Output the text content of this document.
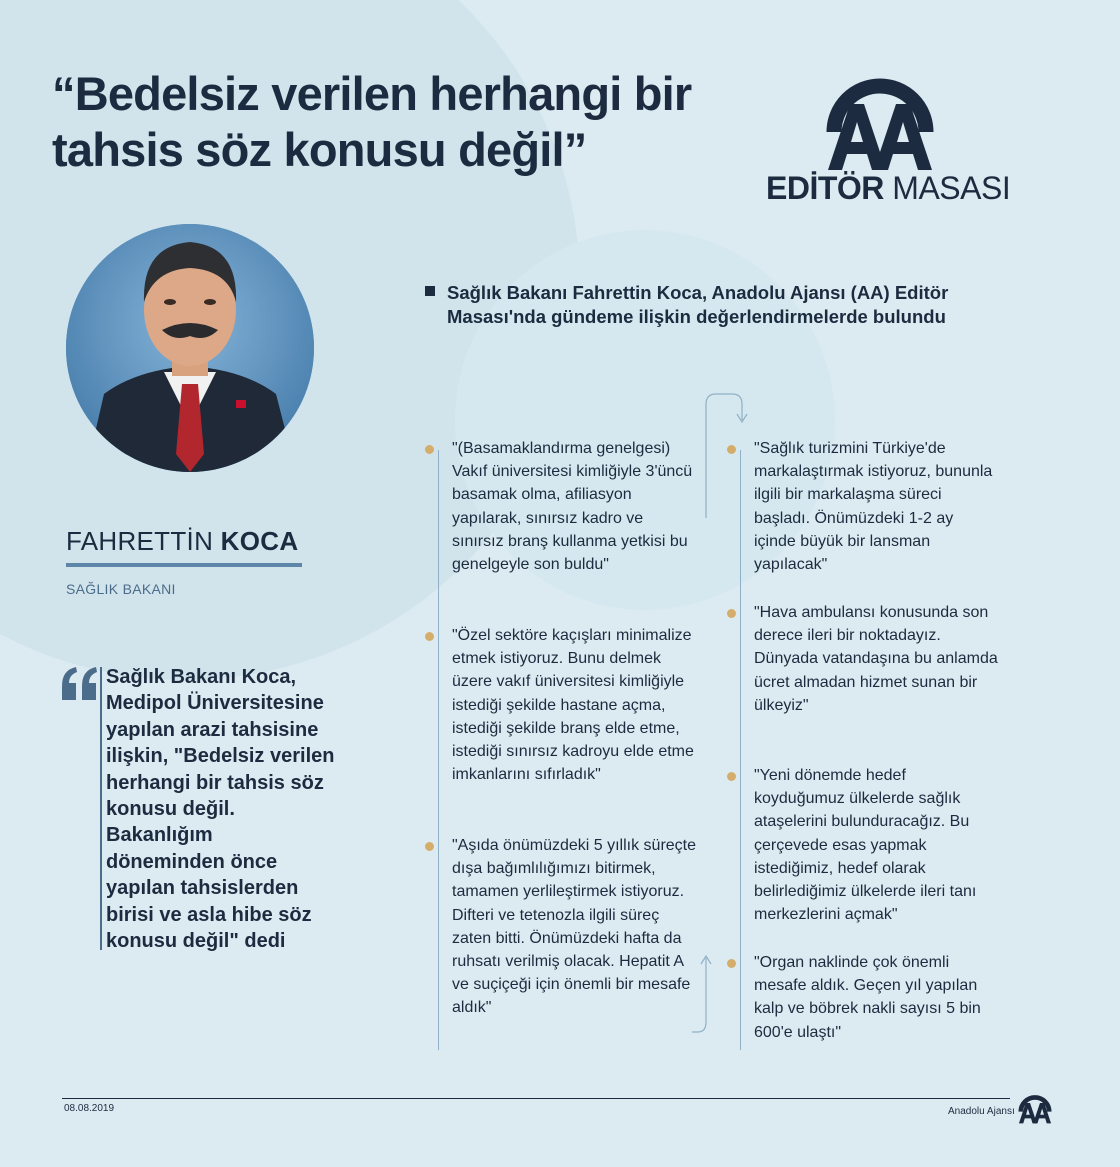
“Bedelsiz verilen herhangi bir
tahsis söz konusu değil”
EDİTÖR MASASI
FAHRETTİN KOCA
SAĞLIK BAKANI

Sağlık Bakanı Koca, Medipol Üniversitesine yapılan arazi tahsisine ilişkin, "Bedelsiz verilen herhangi bir tahsis söz konusu değil. Bakanlığım döneminden önce yapılan tahsislerden birisi ve asla hibe söz konusu değil" dedi

Sağlık Bakanı Fahrettin Koca, Anadolu Ajansı (AA) Editör Masası'nda gündeme ilişkin değerlendirmelerde bulundu

"(Basamaklandırma genelgesi) Vakıf üniversitesi kimliğiyle 3'üncü basamak olma, afiliasyon yapılarak, sınırsız kadro ve sınırsız branş kullanma yetkisi bu genelgeyle son buldu"

"Özel sektöre kaçışları minimalize etmek istiyoruz. Bunu delmek üzere vakıf üniversitesi kimliğiyle istediği şekilde hastane açma, istediği şekilde branş elde etme, istediği sınırsız kadroyu elde etme imkanlarını sıfırladık"

"Aşıda önümüzdeki 5 yıllık süreçte dışa bağımlılığımızı bitirmek, tamamen yerlileştirmek istiyoruz. Difteri ve tetenozla ilgili süreç zaten bitti. Önümüzdeki hafta da ruhsatı verilmiş olacak. Hepatit A ve suçiçeği için önemli bir mesafe aldık"

"Sağlık turizmini Türkiye'de markalaştırmak istiyoruz, bununla ilgili bir markalaşma süreci başladı. Önümüzdeki 1-2 ay içinde büyük bir lansman yapılacak"

"Hava ambulansı konusunda son derece ileri bir noktadayız. Dünyada vatandaşına bu anlamda ücret almadan hizmet sunan bir ülkeyiz"

"Yeni dönemde hedef koyduğumuz ülkelerde sağlık ataşelerini bulunduracağız. Bu çerçevede esas yapmak istediğimiz, hedef olarak belirlediğimiz ülkelerde ileri tanı merkezlerini açmak"

"Organ naklinde çok önemli mesafe aldık. Geçen yıl yapılan kalp ve böbrek nakli sayısı 5 bin 600'e ulaştı"

08.08.2019	Anadolu Ajansı
